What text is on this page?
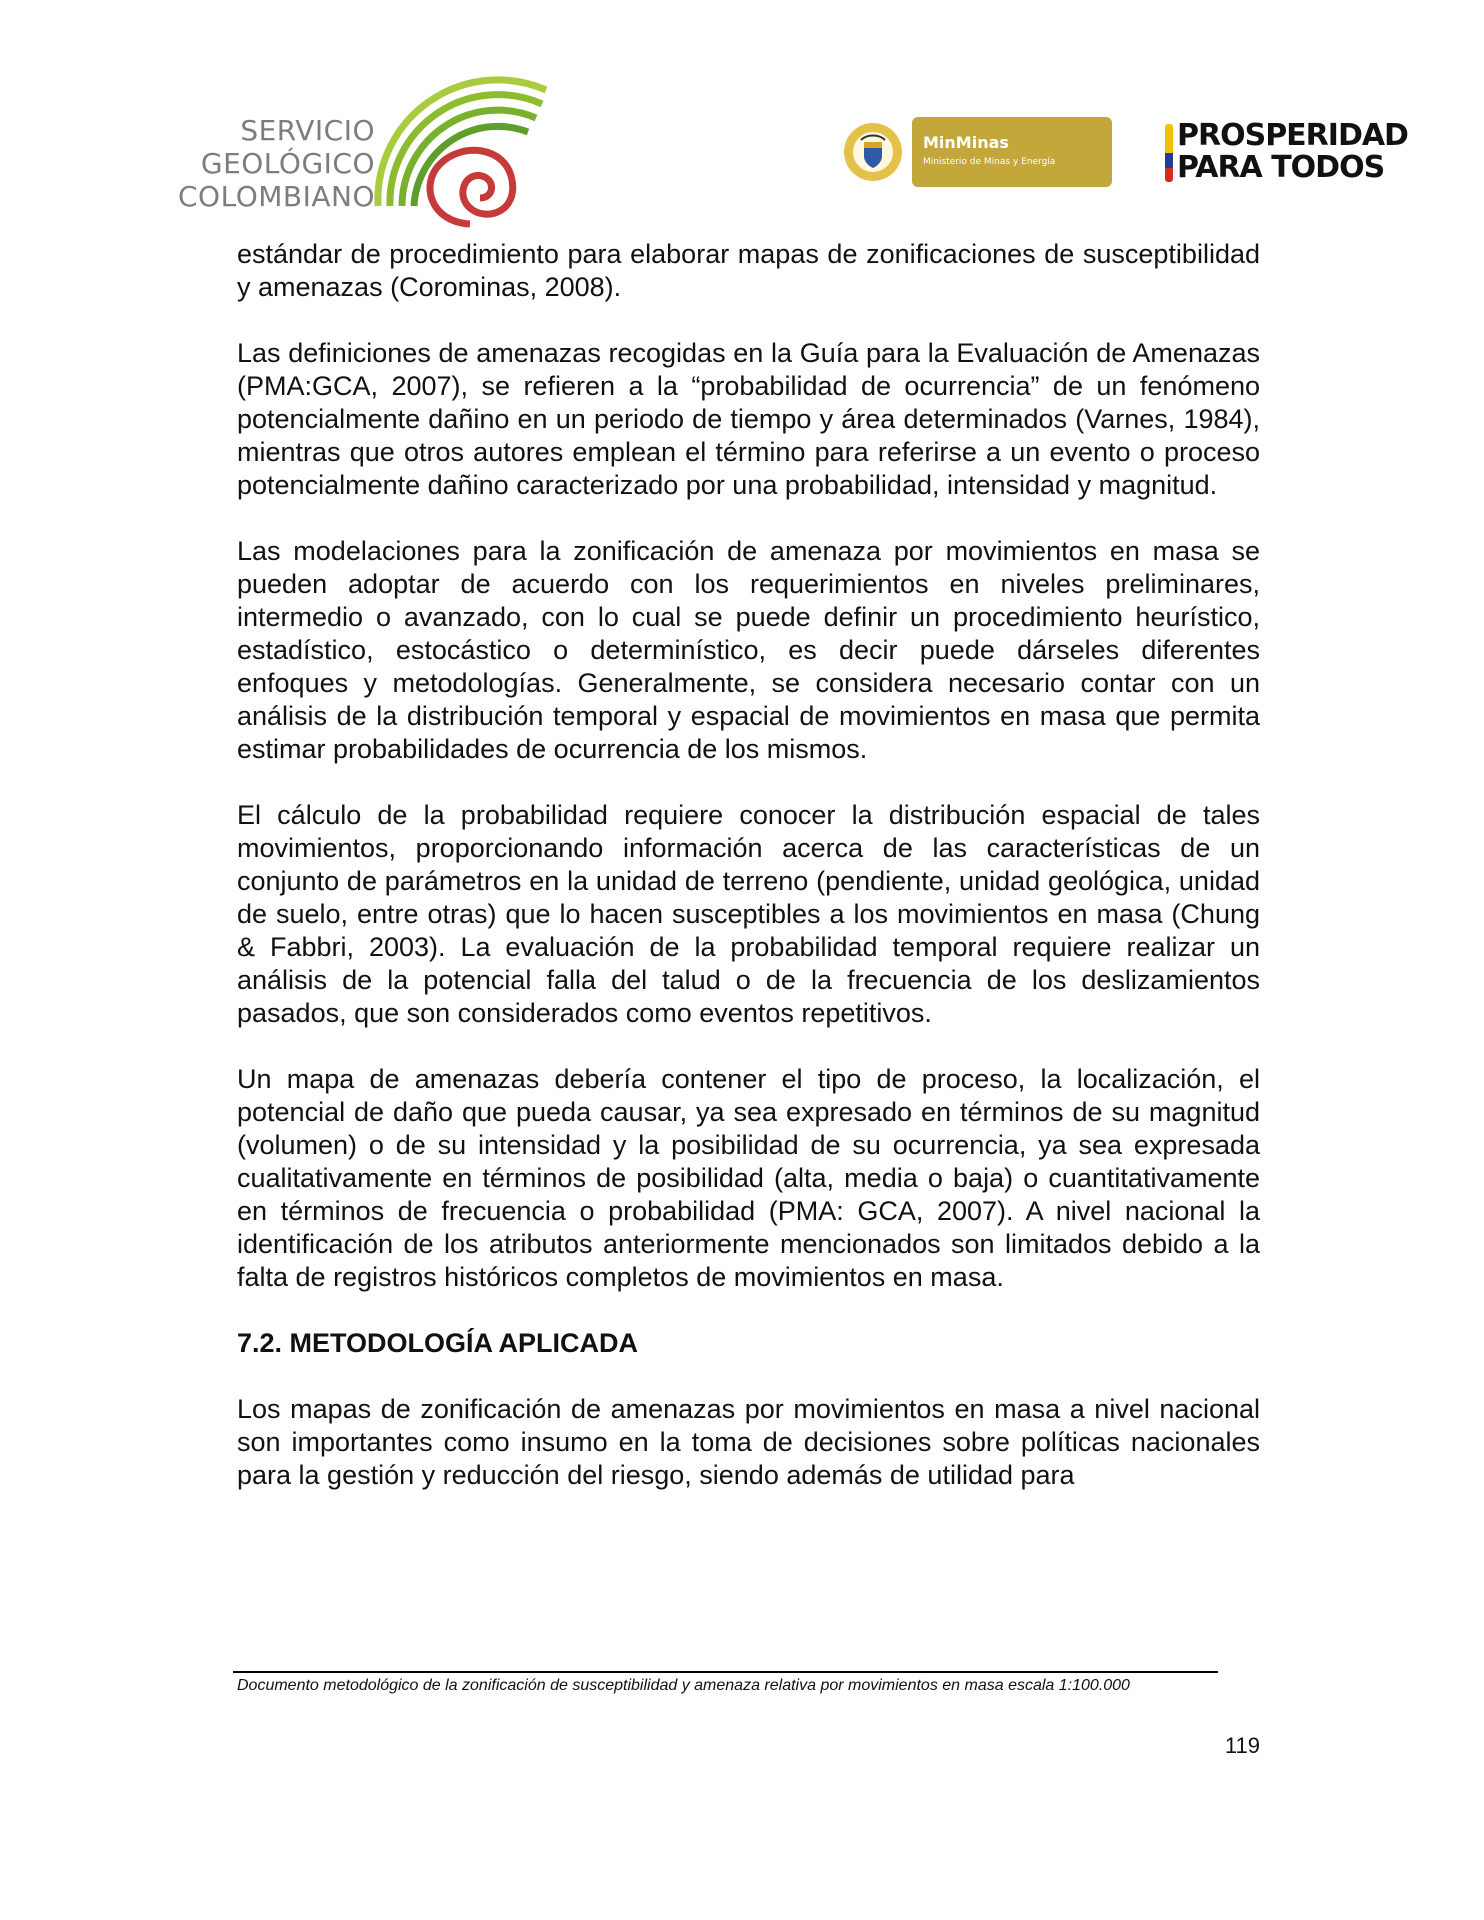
SERVICIO
GEOLÓGICO
COLOMBIANO
MinMinas
Ministerio de Minas y Energía
PROSPERIDAD
PARA TODOS

estándar de procedimiento para elaborar mapas de zonificaciones de susceptibilidad y amenazas (Corominas, 2008).

Las definiciones de amenazas recogidas en la Guía para la Evaluación de Amenazas (PMA:GCA, 2007), se refieren a la “probabilidad de ocurrencia” de un fenómeno potencialmente dañino en un periodo de tiempo y área determinados (Varnes, 1984), mientras que otros autores emplean el término para referirse a un evento o proceso potencialmente dañino caracterizado por una probabilidad, intensidad y magnitud.

Las modelaciones para la zonificación de amenaza por movimientos en masa se pueden adoptar de acuerdo con los requerimientos en niveles preliminares, intermedio o avanzado, con lo cual se puede definir un procedimiento heurístico, estadístico, estocástico o determinístico, es decir puede dárseles diferentes enfoques y metodologías. Generalmente, se considera necesario contar con un análisis de la distribución temporal y espacial de movimientos en masa que permita estimar probabilidades de ocurrencia de los mismos.

El cálculo de la probabilidad requiere conocer la distribución espacial de tales movimientos, proporcionando información acerca de las características de un conjunto de parámetros en la unidad de terreno (pendiente, unidad geológica, unidad de suelo, entre otras) que lo hacen susceptibles a los movimientos en masa (Chung & Fabbri, 2003). La evaluación de la probabilidad temporal requiere realizar un análisis de la potencial falla del talud o de la frecuencia de los deslizamientos pasados, que son considerados como eventos repetitivos.

Un mapa de amenazas debería contener el tipo de proceso, la localización, el potencial de daño que pueda causar, ya sea expresado en términos de su magnitud (volumen) o de su intensidad y la posibilidad de su ocurrencia, ya sea expresada cualitativamente en términos de posibilidad (alta, media o baja) o cuantitativamente en términos de frecuencia o probabilidad (PMA: GCA, 2007). A nivel nacional la identificación de los atributos anteriormente mencionados son limitados debido a la falta de registros históricos completos de movimientos en masa.

7.2. METODOLOGÍA APLICADA

Los mapas de zonificación de amenazas por movimientos en masa a nivel nacional son importantes como insumo en la toma de decisiones sobre políticas nacionales para la gestión y reducción del riesgo, siendo además de utilidad para

Documento metodológico de la zonificación de susceptibilidad y amenaza relativa por movimientos en masa escala 1:100.000
119
